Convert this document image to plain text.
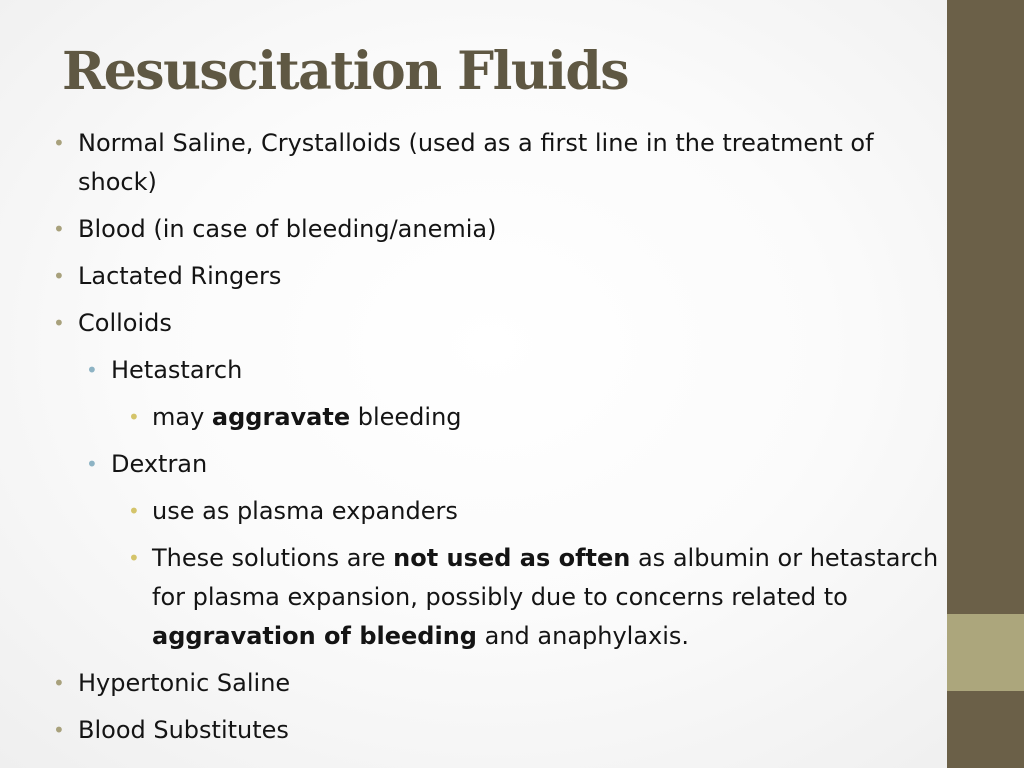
Resuscitation Fluids
• Normal Saline, Crystalloids (used as a first line in the treatment of shock)
• Blood (in case of bleeding/anemia)
• Lactated Ringers
• Colloids
• Hetastarch
• may aggravate bleeding
• Dextran
• use as plasma expanders
• These solutions are not used as often as albumin or hetastarch for plasma expansion, possibly due to concerns related to aggravation of bleeding and anaphylaxis.
• Hypertonic Saline
• Blood Substitutes
